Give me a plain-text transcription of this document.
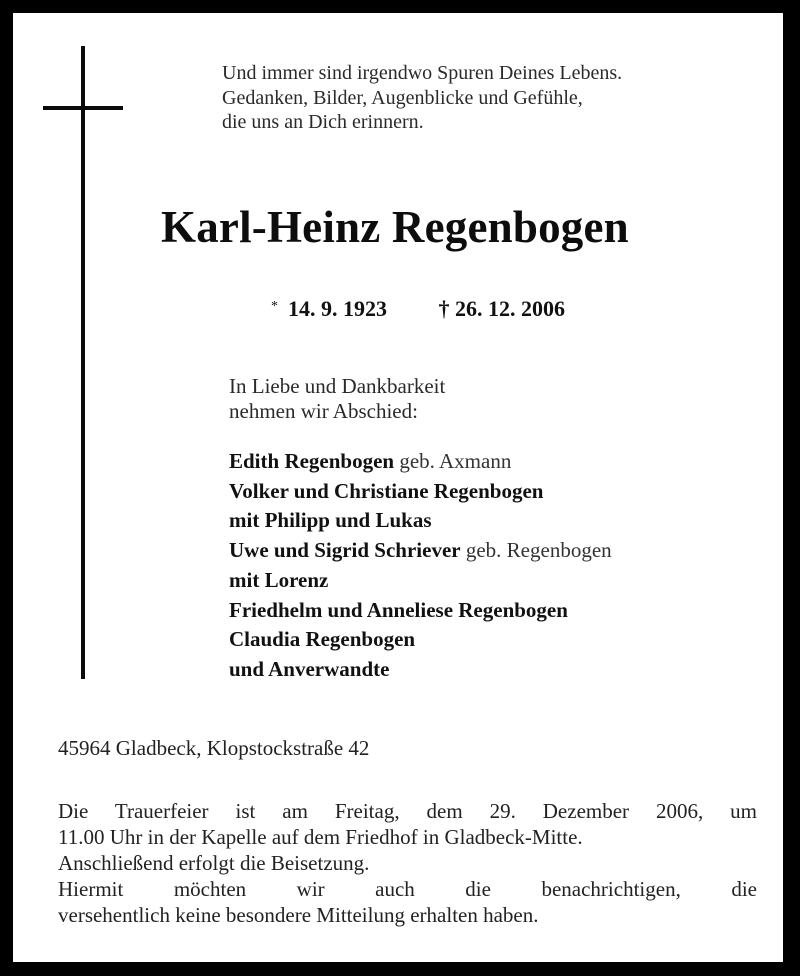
Und immer sind irgendwo Spuren Deines Lebens.
Gedanken, Bilder, Augenblicke und Gefühle,
die uns an Dich erinnern.
Karl-Heinz Regenbogen
* 14. 9. 1923 † 26. 12. 2006
In Liebe und Dankbarkeit
nehmen wir Abschied:
Edith Regenbogen geb. Axmann
Volker und Christiane Regenbogen
mit Philipp und Lukas
Uwe und Sigrid Schriever geb. Regenbogen
mit Lorenz
Friedhelm und Anneliese Regenbogen
Claudia Regenbogen
und Anverwandte
45964 Gladbeck, Klopstockstraße 42
Die Trauerfeier ist am Freitag, dem 29. Dezember 2006, um
11.00 Uhr in der Kapelle auf dem Friedhof in Gladbeck-Mitte.
Anschließend erfolgt die Beisetzung.
Hiermit möchten wir auch die benachrichtigen, die
versehentlich keine besondere Mitteilung erhalten haben.
